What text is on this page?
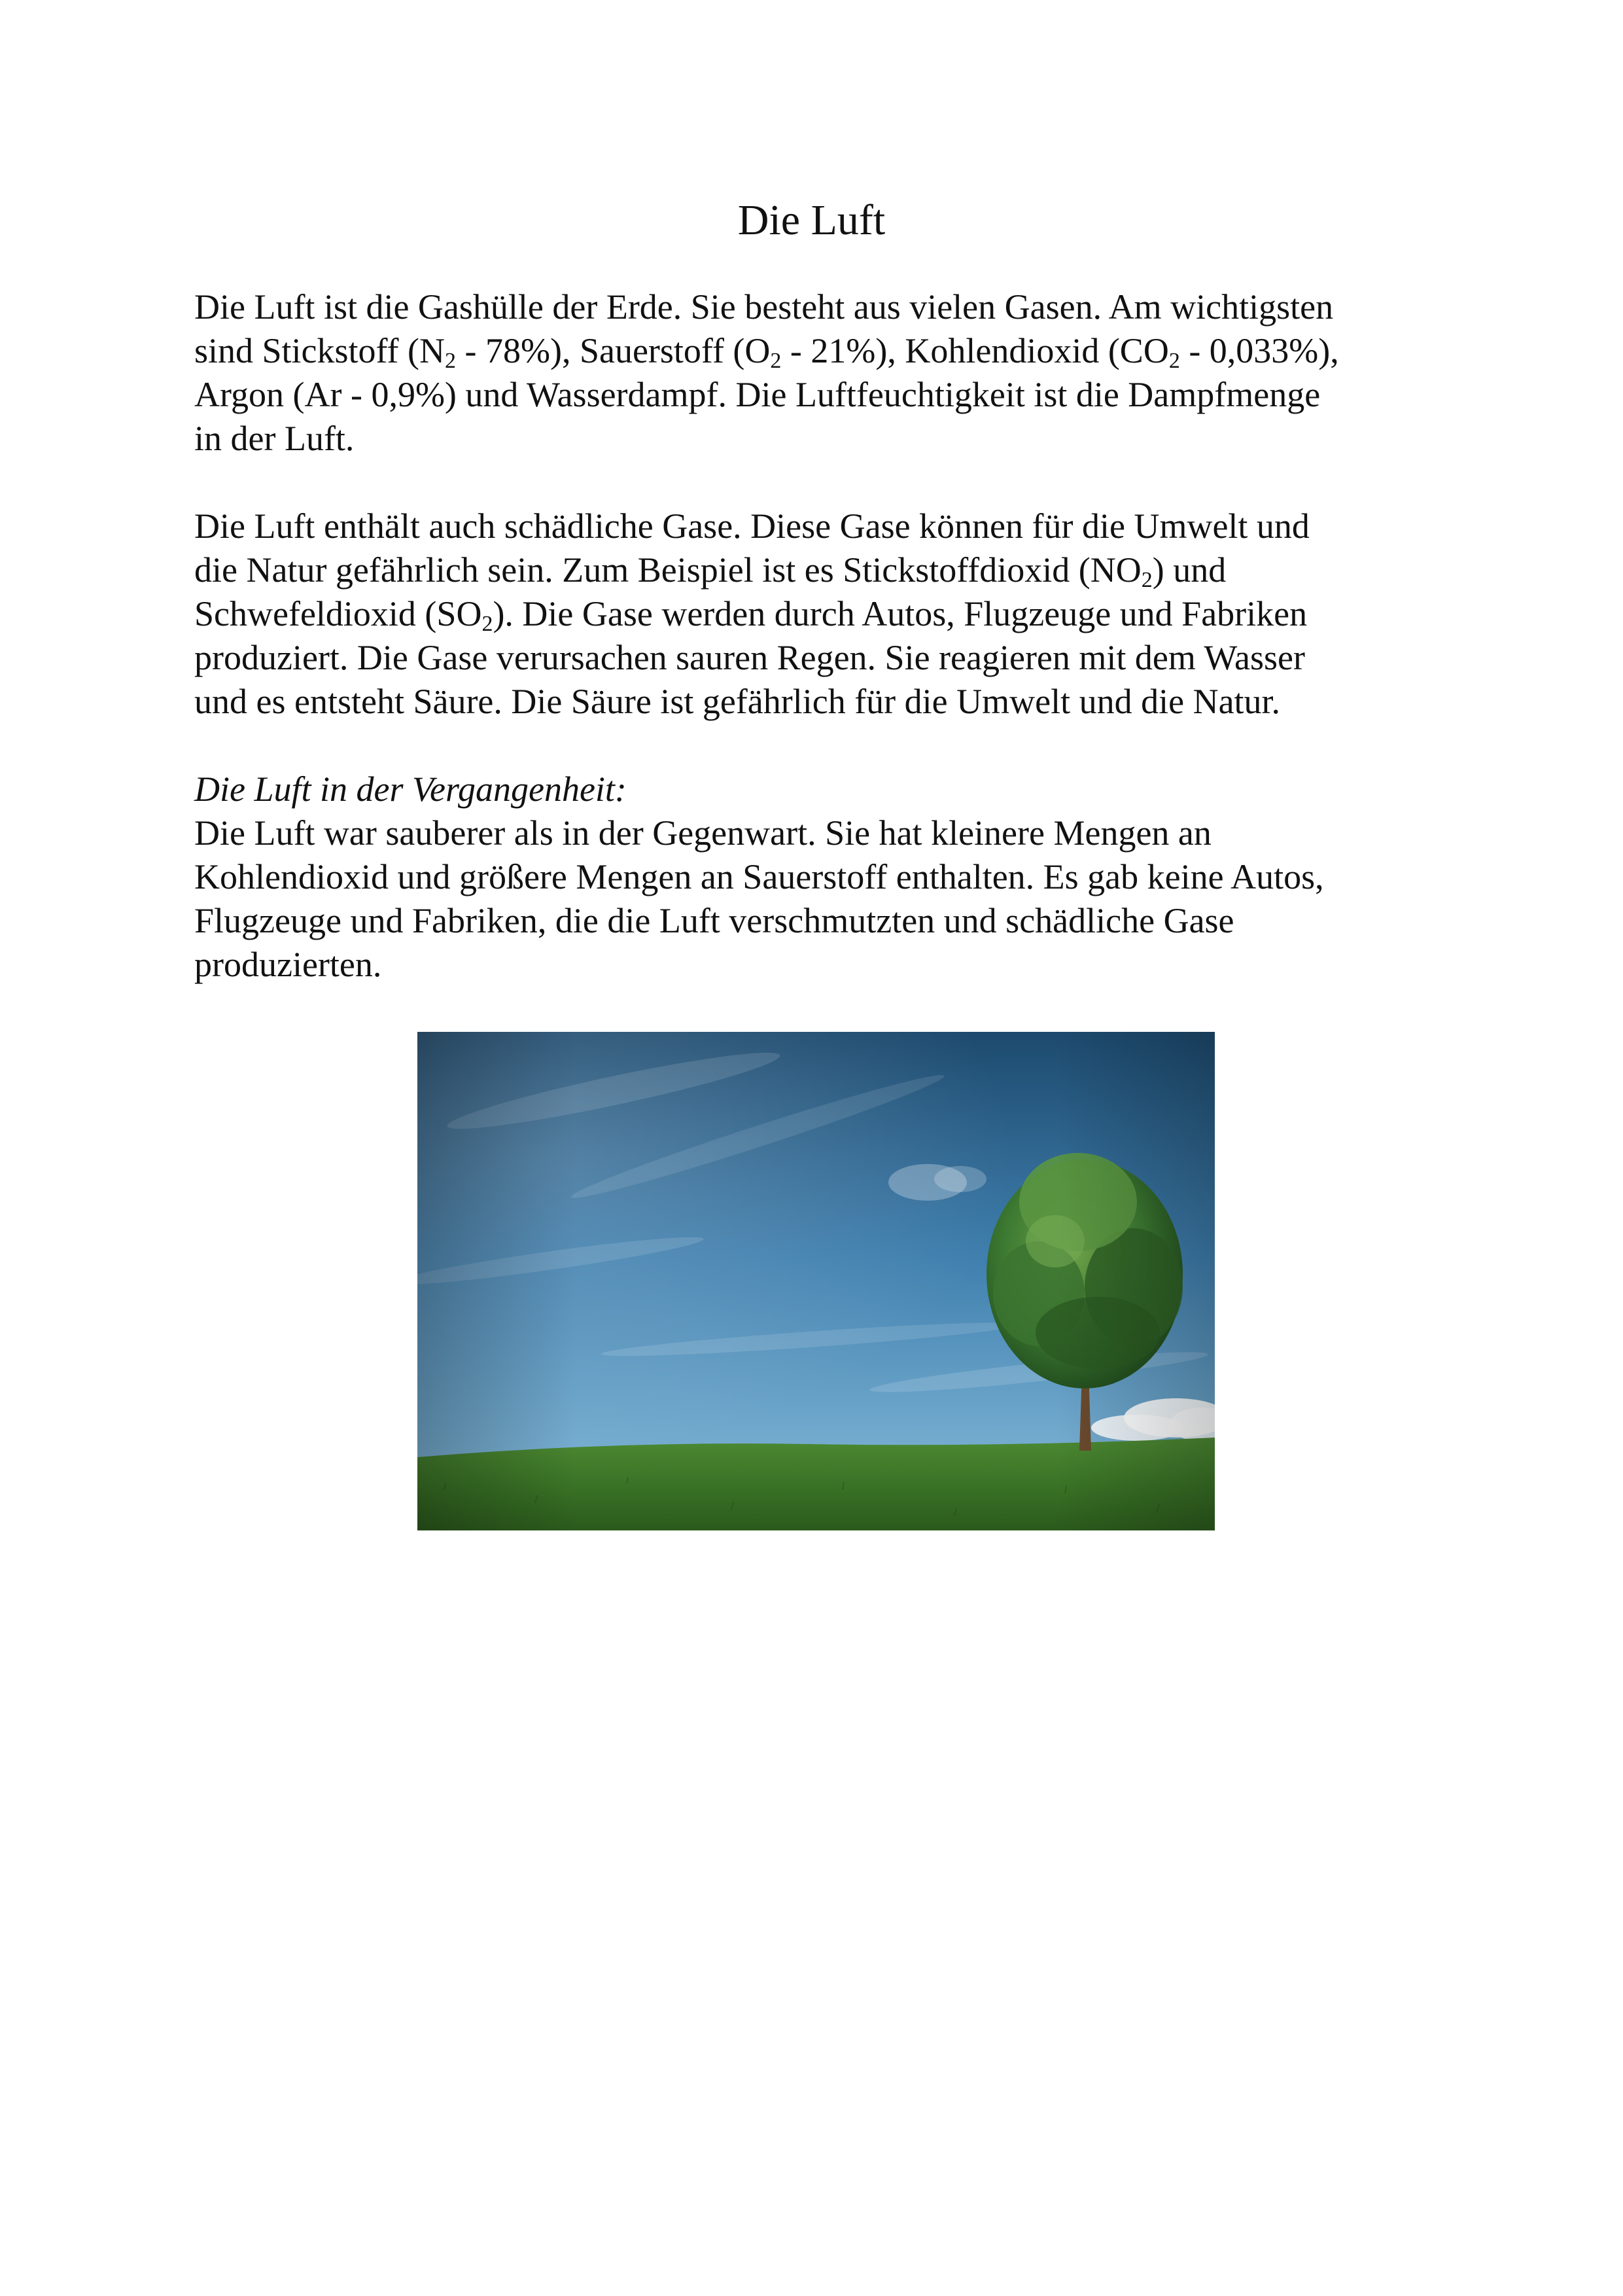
Die Luft

Die Luft ist die Gashülle der Erde. Sie besteht aus vielen Gasen. Am wichtigsten
sind Stickstoff $(N_2 - 78\%)$, Sauerstoff $(O_2 - 21\%)$, Kohlendioxid $(CO_2 - 0,033\%)$,
Argon (Ar - 0,9%) und Wasserdampf. Die Luftfeuchtigkeit ist die Dampfmenge
in der Luft.

Die Luft enthält auch schädliche Gase. Diese Gase können für die Umwelt und
die Natur gefährlich sein. Zum Beispiel ist es Stickstoffdioxid $(NO_2)$ und
Schwefeldioxid $(SO_2)$. Die Gase werden durch Autos, Flugzeuge und Fabriken
produziert. Die Gase verursachen sauren Regen. Sie reagieren mit dem Wasser
und es entsteht Säure. Die Säure ist gefährlich für die Umwelt und die Natur.

Die Luft in der Vergangenheit:

Die Luft war sauberer als in der Gegenwart. Sie hat kleinere Mengen an
Kohlendioxid und größere Mengen an Sauerstoff enthalten. Es gab keine Autos,
Flugzeuge und Fabriken, die die Luft verschmutzten und schädliche Gase
produzierten.
